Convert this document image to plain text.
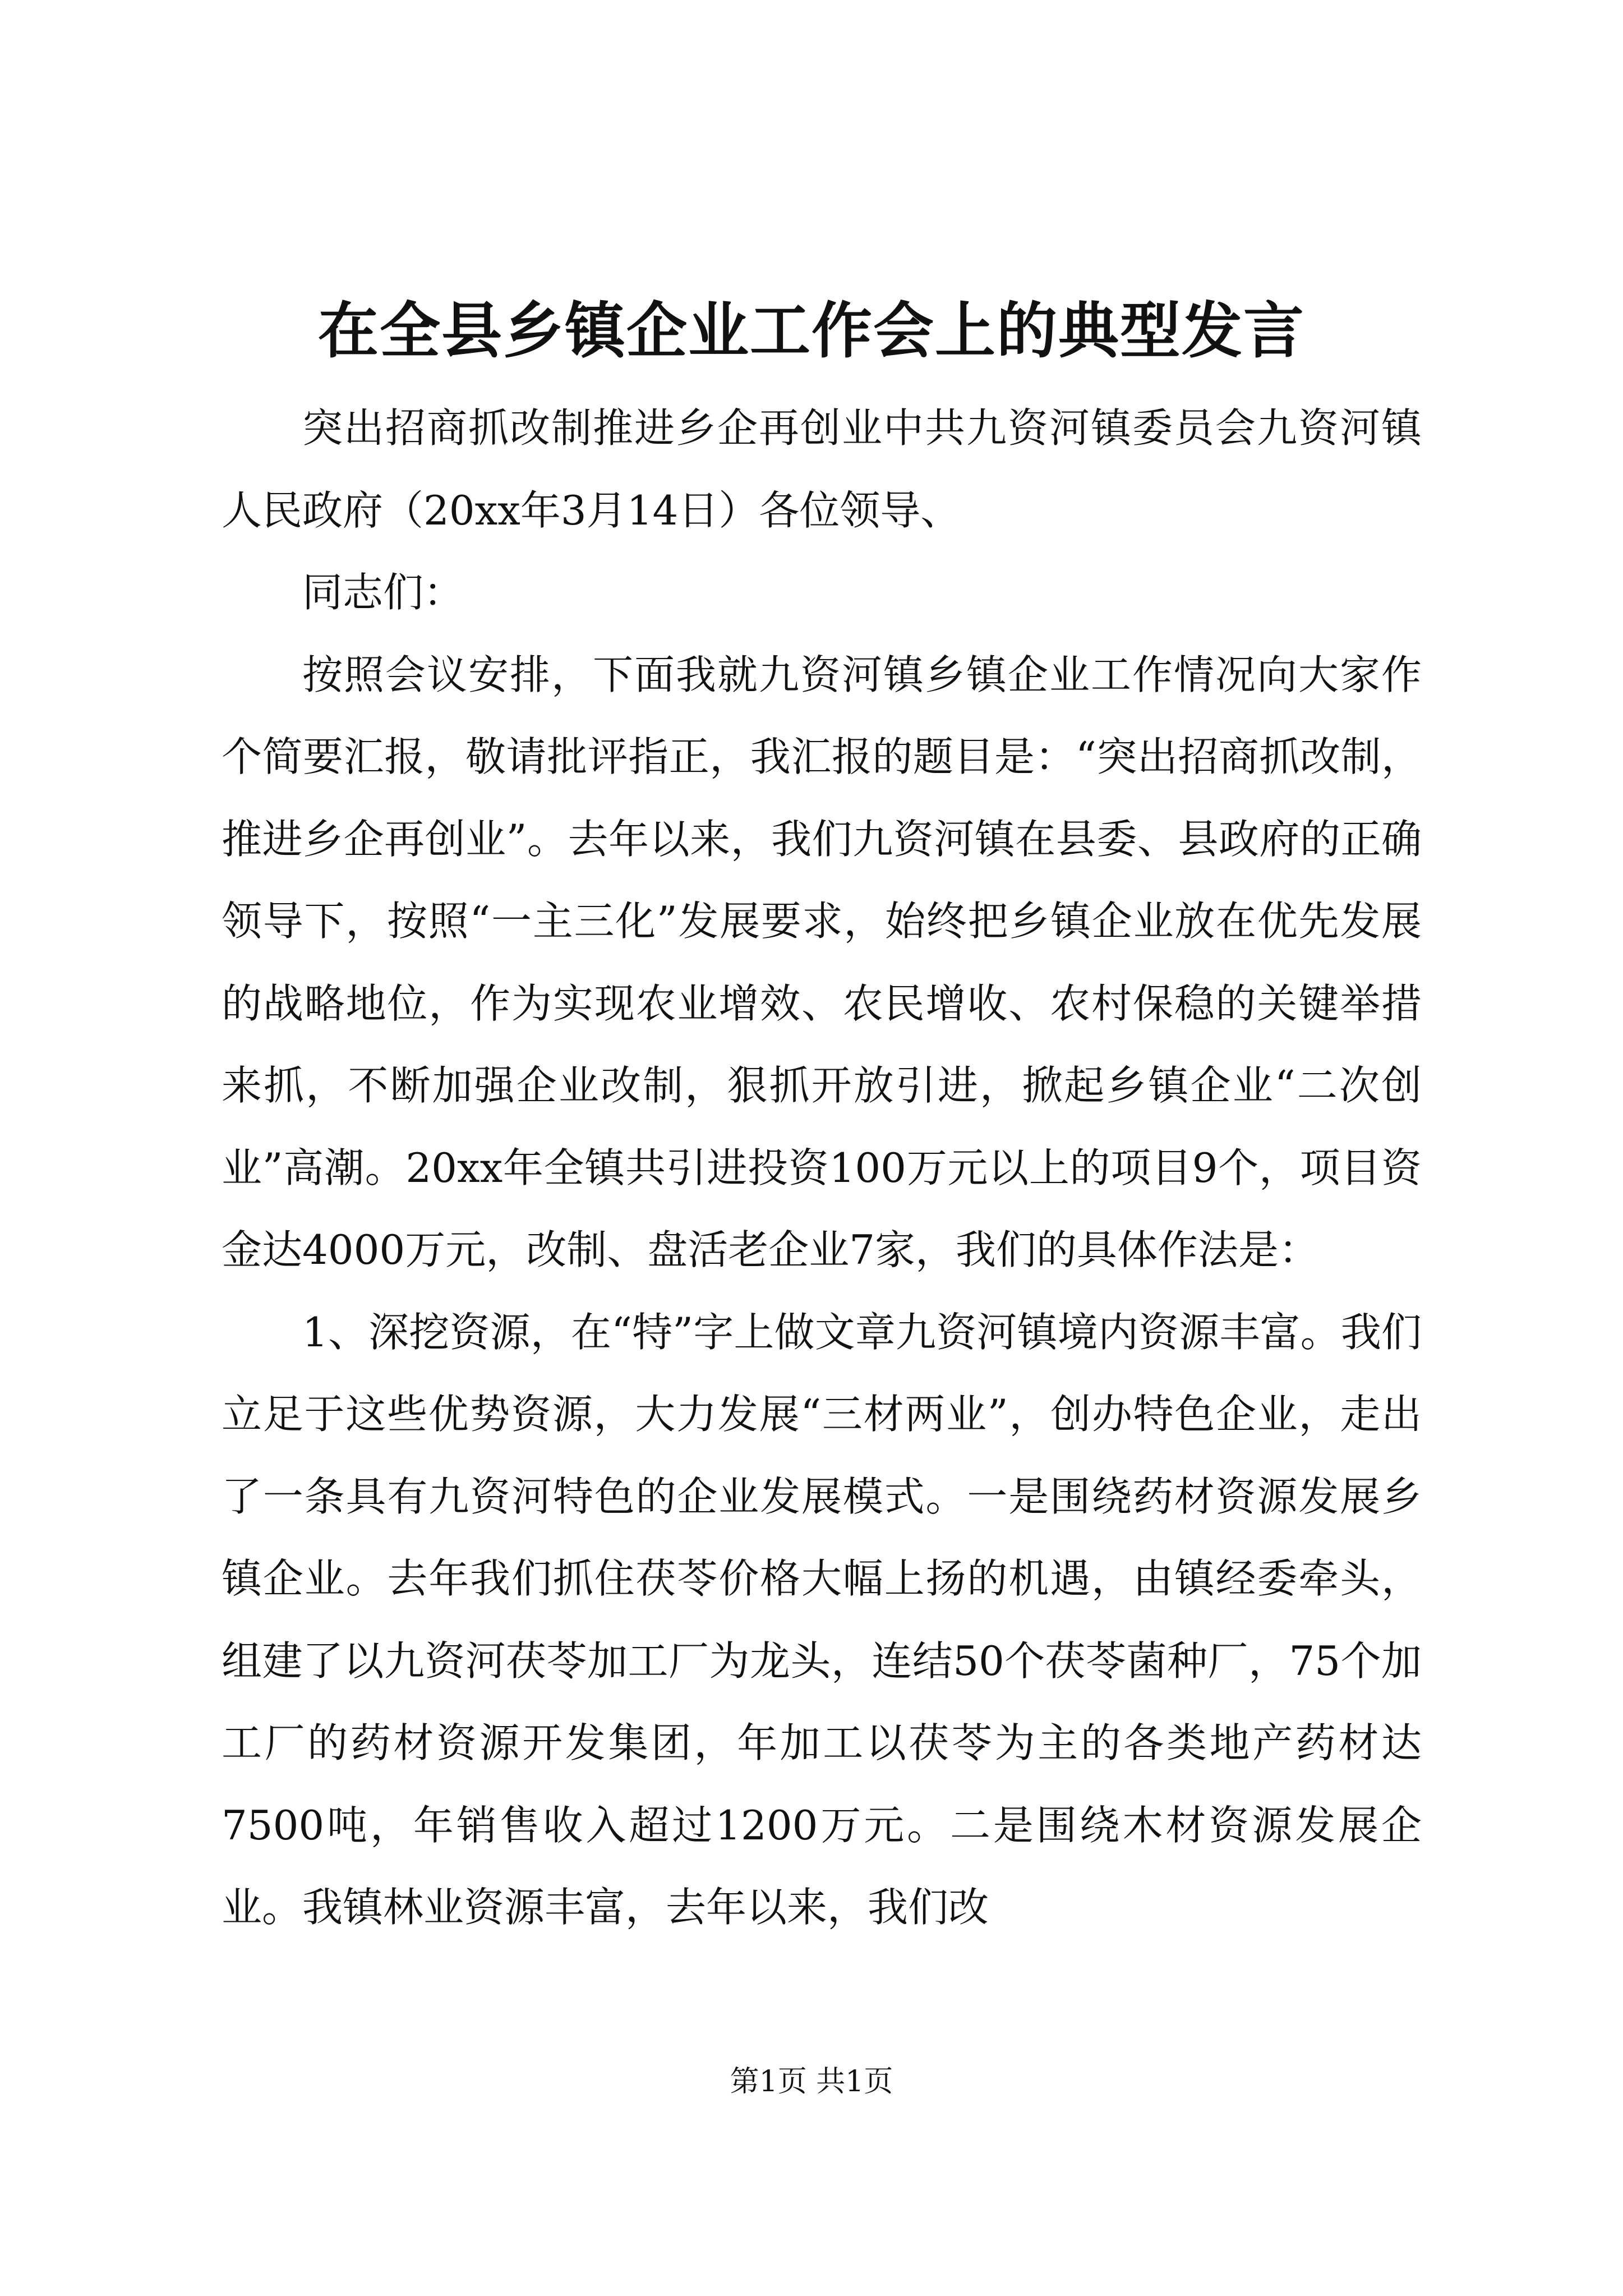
在全县乡镇企业工作会上的典型发言

突出招商抓改制推进乡企再创业中共九资河镇委员会九资河镇人民政府（20xx年3月14日）各位领导、

同志们：

按照会议安排，下面我就九资河镇乡镇企业工作情况向大家作个简要汇报，敬请批评指正，我汇报的题目是：“突出招商抓改制，推进乡企再创业”。去年以来，我们九资河镇在县委、县政府的正确领导下，按照“一主三化”发展要求，始终把乡镇企业放在优先发展的战略地位，作为实现农业增效、农民增收、农村保稳的关键举措来抓，不断加强企业改制，狠抓开放引进，掀起乡镇企业“二次创业”高潮。20xx年全镇共引进投资100万元以上的项目9个，项目资金达4000万元，改制、盘活老企业7家，我们的具体作法是：

1、深挖资源，在“特”字上做文章九资河镇境内资源丰富。我们立足于这些优势资源，大力发展“三材两业”，创办特色企业，走出了一条具有九资河特色的企业发展模式。一是围绕药材资源发展乡镇企业。去年我们抓住茯苓价格大幅上扬的机遇，由镇经委牵头，组建了以九资河茯苓加工厂为龙头，连结50个茯苓菌种厂，75个加工厂的药材资源开发集团，年加工以茯苓为主的各类地产药材达7500吨，年销售收入超过1200万元。二是围绕木材资源发展企业。我镇林业资源丰富，去年以来，我们改

第1页 共1页
